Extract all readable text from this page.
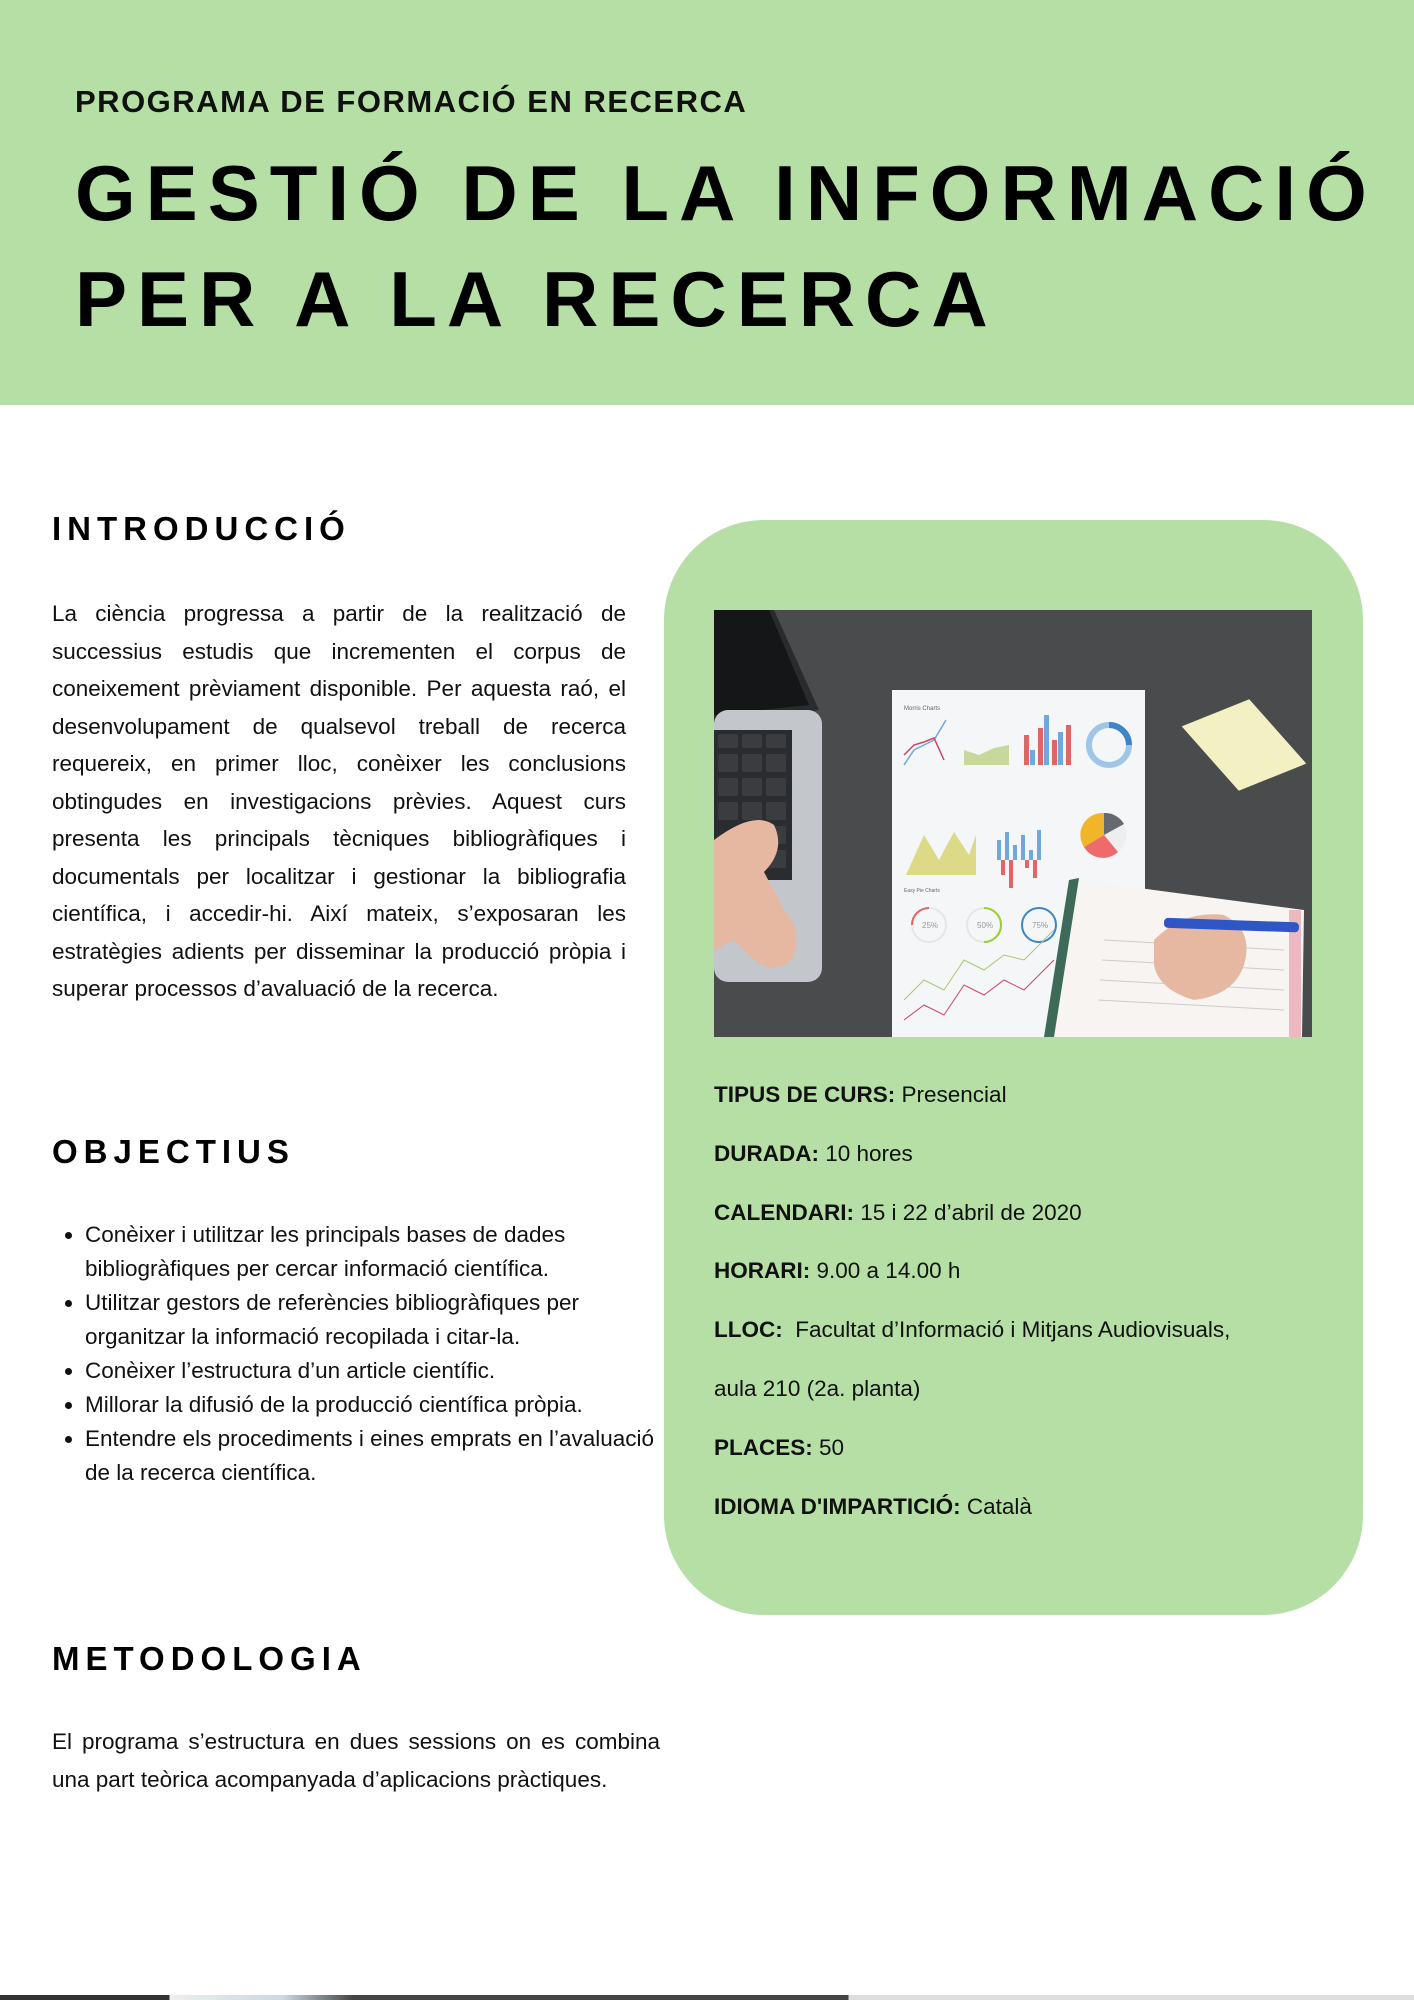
PROGRAMA DE FORMACIÓ EN RECERCA
GESTIÓ DE LA INFORMACIÓ
PER A LA RECERCA
INTRODUCCIÓ

La ciència progressa a partir de la realització de successius estudis que incrementen el corpus de coneixement prèviament disponible. Per aquesta raó, el desenvolupament de qualsevol treball de recerca requereix, en primer lloc, conèixer les conclusions obtingudes en investigacions prèvies. Aquest curs presenta les principals tècniques bibliogràfiques i documentals per localitzar i gestionar la bibliografia científica, i accedir-hi. Així mateix, s’exposaran les estratègies adients per disseminar la producció pròpia i superar processos d’avaluació de la recerca.

OBJECTIUS
• Conèixer i utilitzar les principals bases de dades bibliogràfiques per cercar informació científica.
• Utilitzar gestors de referències bibliogràfiques per organitzar la informació recopilada i citar-la.
• Conèixer l’estructura d’un article científic.
• Millorar la difusió de la producció científica pròpia.
• Entendre els procediments i eines emprats en l’avaluació de la recerca científica.
METODOLOGIA

El programa s’estructura en dues sessions on es combina una part teòrica acompanyada d’aplicacions pràctiques.

Morris Charts
Easy Pie Charts
25%	50%	75%
TIPUS DE CURS: Presencial
DURADA: 10 hores
CALENDARI: 15 i 22 d’abril de 2020
HORARI: 9.00 a 14.00 h
LLOC:  Facultat d’Informació i Mitjans Audiovisuals,
aula 210 (2a. planta)
PLACES: 50
IDIOMA D'IMPARTICIÓ: Català
